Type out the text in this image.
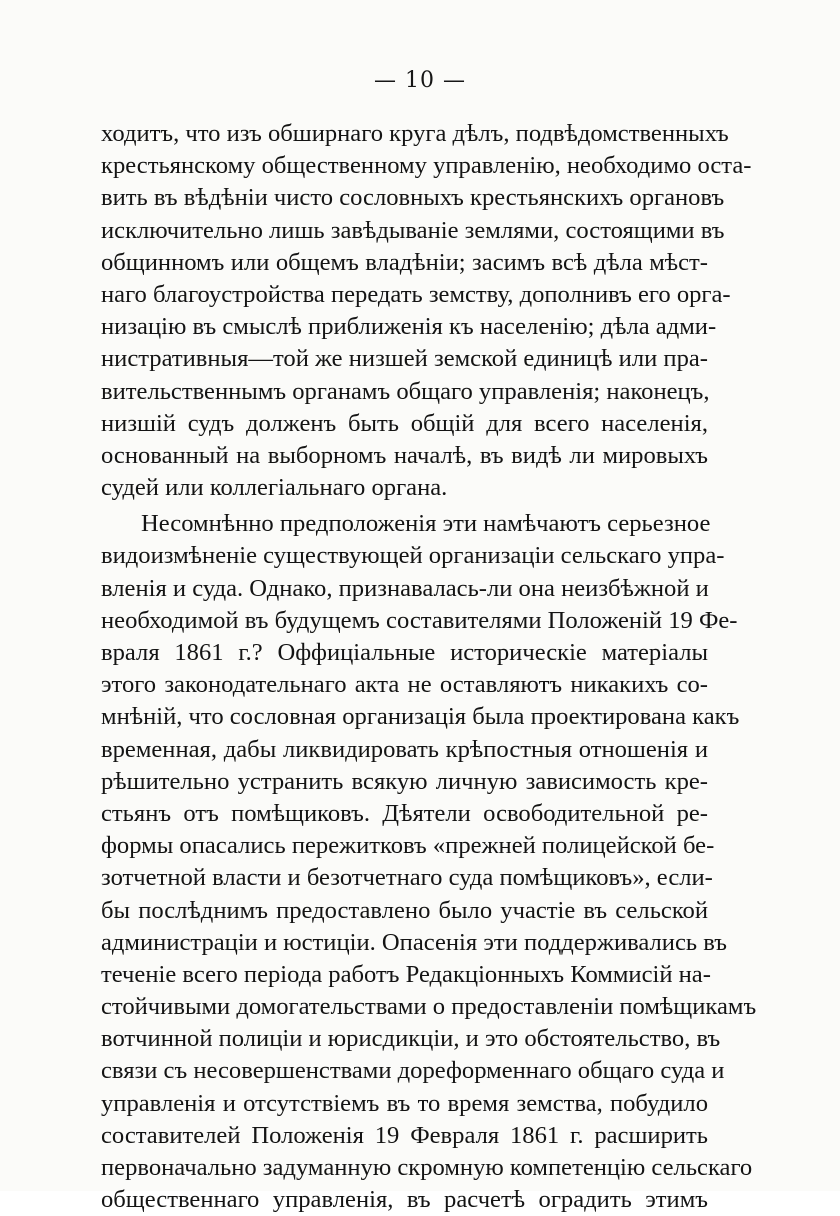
— 10 —
ходитъ, что изъ обширнаго круга дѣлъ, подвѣдомственныхъ
крестьянскому общественному управленію, необходимо оста-
вить въ вѣдѣніи чисто сословныхъ крестьянскихъ органовъ
исключительно лишь завѣдываніе землями, состоящими въ
общинномъ или общемъ владѣніи; засимъ всѣ дѣла мѣст-
наго благоустройства передать земству, дополнивъ его орга-
низацію въ смыслѣ приближенія къ населенію; дѣла адми-
нистративныя—той же низшей земской единицѣ или пра-
вительственнымъ органамъ общаго управленія; наконецъ,
низшій судъ долженъ быть общій для всего населенія,
основанный на выборномъ началѣ, въ видѣ ли мировыхъ
судей или коллегіальнаго органа.
Несомнѣнно предположенія эти намѣчаютъ серьезное
видоизмѣненіе существующей организаціи сельскаго упра-
вленія и суда. Однако, признавалась-ли она неизбѣжной и
необходимой въ будущемъ составителями Положеній 19 Фе-
враля 1861 г.? Оффиціальные историческіе матеріалы
этого законодательнаго акта не оставляютъ никакихъ со-
мнѣній, что сословная организація была проектирована какъ
временная, дабы ликвидировать крѣпостныя отношенія и
рѣшительно устранить всякую личную зависимость кре-
стьянъ отъ помѣщиковъ. Дѣятели освободительной ре-
формы опасались пережитковъ «прежней полицейской бе-
зотчетной власти и безотчетнаго суда помѣщиковъ», если-
бы послѣднимъ предоставлено было участіе въ сельской
администраціи и юстиціи. Опасенія эти поддерживались въ
теченіе всего періода работъ Редакціонныхъ Коммисій на-
стойчивыми домогательствами о предоставленіи помѣщикамъ
вотчинной полиціи и юрисдикціи, и это обстоятельство, въ
связи съ несовершенствами дореформеннаго общаго суда и
управленія и отсутствіемъ въ то время земства, побудило
составителей Положенія 19 Февраля 1861 г. расширить
первоначально задуманную скромную компетенцію сельскаго
общественнаго управленія, въ расчетѣ оградить этимъ
